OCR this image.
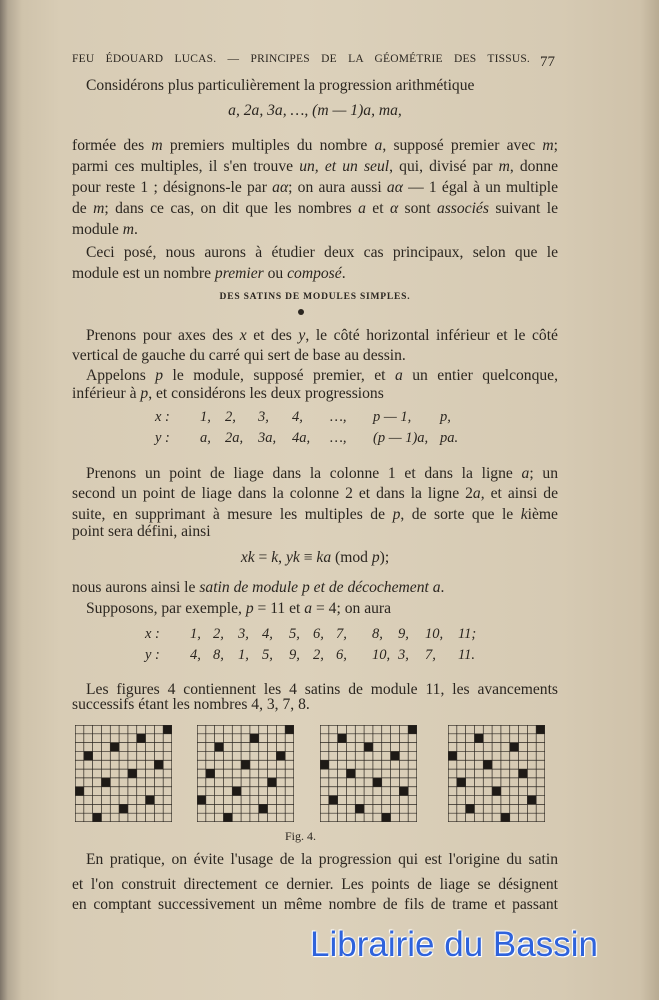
FEU ÉDOUARD LUCAS. — PRINCIPES DE LA GÉOMÉTRIE DES TISSUS. 77
Considérons plus particulièrement la progression arithmétique
a, 2a, 3a, …, (m — 1)a, ma,
formée des m premiers multiples du nombre a, supposé premier avec m;
parmi ces multiples, il s'en trouve un, et un seul, qui, divisé par m, donne
pour reste 1 ; désignons-le par aα; on aura aussi aα — 1 égal à un multiple
de m; dans ce cas, on dit que les nombres a et α sont associés suivant le
module m.
Ceci posé, nous aurons à étudier deux cas principaux, selon que le
module est un nombre premier ou composé.
Prenons pour axes des x et des y, le côté horizontal inférieur et le côté
vertical de gauche du carré qui sert de base au dessin.
Appelons p le module, supposé premier, et a un entier quelconque,
inférieur à p, et considérons les deux progressions
Prenons un point de liage dans la colonne 1 et dans la ligne a; un
second un point de liage dans la colonne 2 et dans la ligne 2a, et ainsi de
suite, en supprimant à mesure les multiples de p, de sorte que le kième
point sera défini, ainsi
xk = k, yk ≡ ka (mod p);
nous aurons ainsi le satin de module p et de décochement a.
Supposons, par exemple, p = 11 et a = 4; on aura
Les figures 4 contiennent les 4 satins de module 11, les avancements
successifs étant les nombres 4, 3, 7, 8.
En pratique, on évite l'usage de la progression qui est l'origine du satin
et l'on construit directement ce dernier. Les points de liage se désignent
en comptant successivement un même nombre de fils de trame et passant
DES SATINS DE MODULES SIMPLES.
x : 1, 2, 3, 4, …, p — 1, p,
y : a, 2a, 3a, 4a, …, (p — 1)a, pa.
x : 1, 2, 3, 4, 5, 6, 7, 8, 9, 10, 11;
y : 4, 8, 1, 5, 9, 2, 6, 10, 3, 7, 11.
Fig. 4.
Librairie du Bassin
